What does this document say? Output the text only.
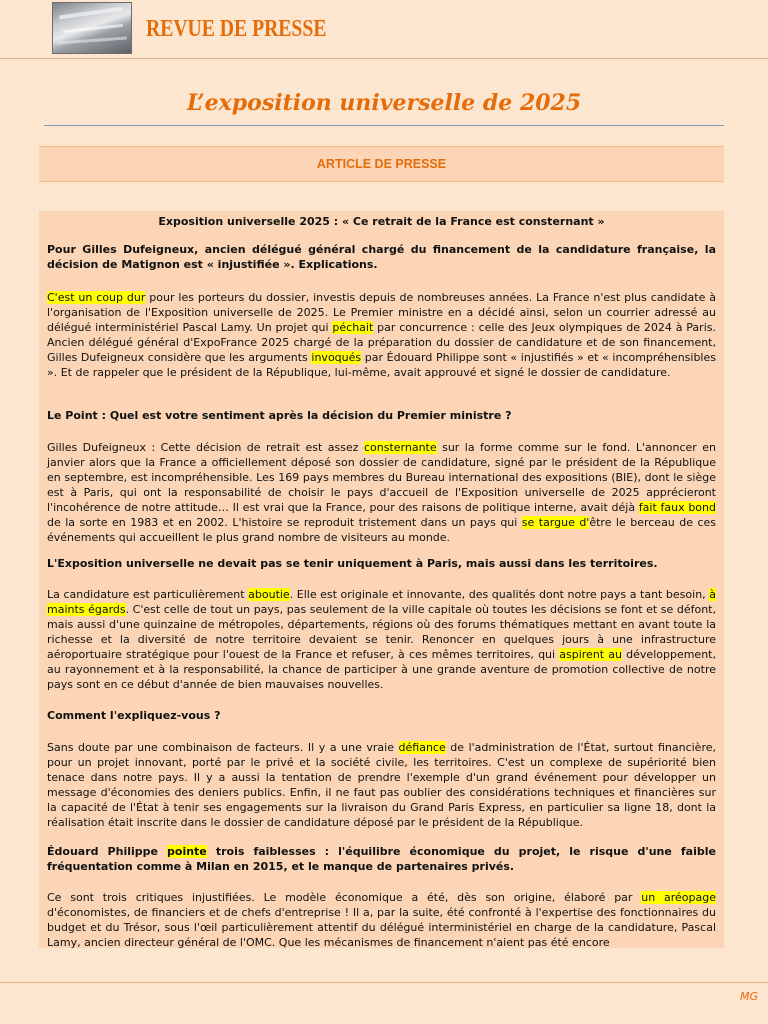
REVUE DE PRESSE
L’exposition universelle de 2025
ARTICLE DE PRESSE

Exposition universelle 2025 : « Ce retrait de la France est consternant »

Pour Gilles Dufeigneux, ancien délégué général chargé du financement de la candidature française, la décision de Matignon est « injustifiée ». Explications.

C'est un coup dur pour les porteurs du dossier, investis depuis de nombreuses années. La France n'est plus candidate à l'organisation de l'Exposition universelle de 2025. Le Premier ministre en a décidé ainsi, selon un courrier adressé au délégué interministériel Pascal Lamy. Un projet qui péchait par concurrence : celle des Jeux olympiques de 2024 à Paris. Ancien délégué général d'ExpoFrance 2025 chargé de la préparation du dossier de candidature et de son financement, Gilles Dufeigneux considère que les arguments invoqués par Édouard Philippe sont « injustifiés » et « incompréhensibles ». Et de rappeler que le président de la République, lui-même, avait approuvé et signé le dossier de candidature.

Le Point : Quel est votre sentiment après la décision du Premier ministre ?

Gilles Dufeigneux : Cette décision de retrait est assez consternante sur la forme comme sur le fond. L'annoncer en janvier alors que la France a officiellement déposé son dossier de candidature, signé par le président de la République en septembre, est incompréhensible. Les 169 pays membres du Bureau international des expositions (BIE), dont le siège est à Paris, qui ont la responsabilité de choisir le pays d'accueil de l'Exposition universelle de 2025 apprécieront l'incohérence de notre attitude… Il est vrai que la France, pour des raisons de politique interne, avait déjà fait faux bond de la sorte en 1983 et en 2002. L'histoire se reproduit tristement dans un pays qui se targue d'être le berceau de ces événements qui accueillent le plus grand nombre de visiteurs au monde.

L'Exposition universelle ne devait pas se tenir uniquement à Paris, mais aussi dans les territoires.

La candidature est particulièrement aboutie. Elle est originale et innovante, des qualités dont notre pays a tant besoin, à maints égards. C'est celle de tout un pays, pas seulement de la ville capitale où toutes les décisions se font et se défont, mais aussi d'une quinzaine de métropoles, départements, régions où des forums thématiques mettant en avant toute la richesse et la diversité de notre territoire devaient se tenir. Renoncer en quelques jours à une infrastructure aéroportuaire stratégique pour l'ouest de la France et refuser, à ces mêmes territoires, qui aspirent au développement, au rayonnement et à la responsabilité, la chance de participer à une grande aventure de promotion collective de notre pays sont en ce début d'année de bien mauvaises nouvelles.

Comment l'expliquez-vous ?

Sans doute par une combinaison de facteurs. Il y a une vraie défiance de l'administration de l'État, surtout financière, pour un projet innovant, porté par le privé et la société civile, les territoires. C'est un complexe de supériorité bien tenace dans notre pays. Il y a aussi la tentation de prendre l'exemple d'un grand événement pour développer un message d'économies des deniers publics. Enfin, il ne faut pas oublier des considérations techniques et financières sur la capacité de l'État à tenir ses engagements sur la livraison du Grand Paris Express, en particulier sa ligne 18, dont la réalisation était inscrite dans le dossier de candidature déposé par le président de la République.

Édouard Philippe pointe trois faiblesses : l'équilibre économique du projet, le risque d'une faible fréquentation comme à Milan en 2015, et le manque de partenaires privés.

Ce sont trois critiques injustifiées. Le modèle économique a été, dès son origine, élaboré par un aréopage d'économistes, de financiers et de chefs d'entreprise ! Il a, par la suite, été confronté à l'expertise des fonctionnaires du budget et du Trésor, sous l'œil particulièrement attentif du délégué interministériel en charge de la candidature, Pascal Lamy, ancien directeur général de l'OMC. Que les mécanismes de financement n'aient pas été encore

MG
